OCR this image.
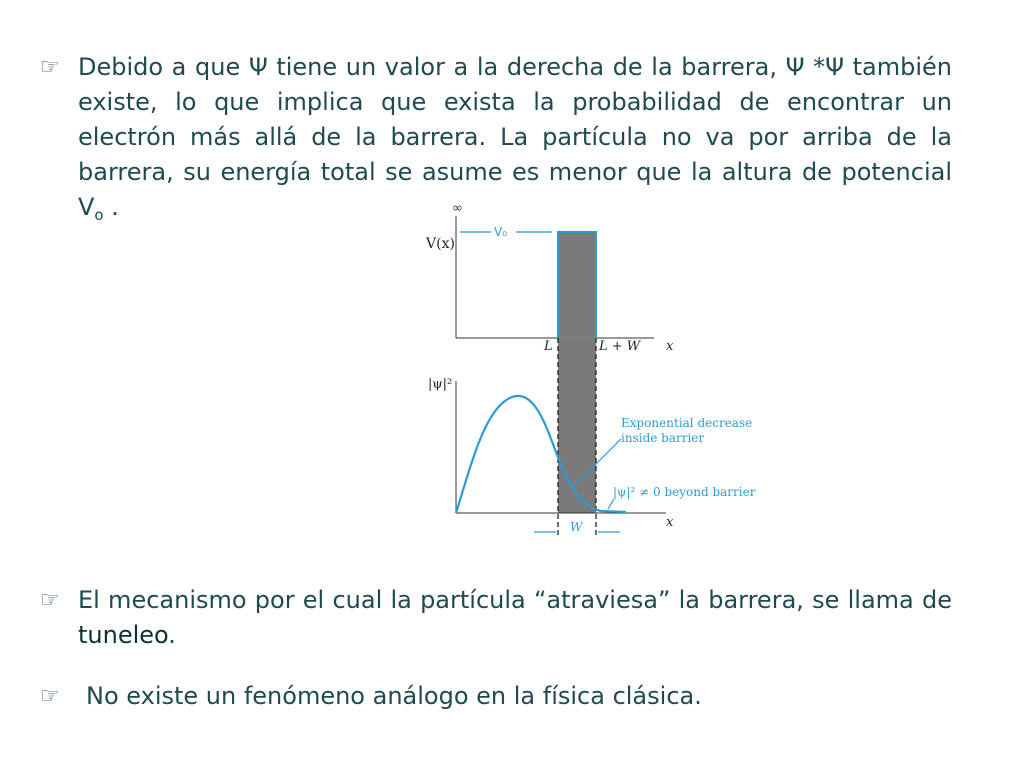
☞ Debido a que Ψ tiene un valor a la derecha de la barrera, Ψ *Ψ también existe, lo que implica que exista la probabilidad de encontrar un electrón más allá de la barrera. La partícula no va por arriba de la barrera, su energía total se asume es menor que la altura de potencial $V_o$ .	∞
V(x)
V₀
L	L + W x
|ψ|²
x
Exponential decrease
inside barrier
|ψ|² ≠ 0 beyond barrier
W
☞ El mecanismo por el cual la partícula “atraviesa” la barrera, se llama de tuneleo.
☞	No existe un fenómeno análogo en la física clásica.
